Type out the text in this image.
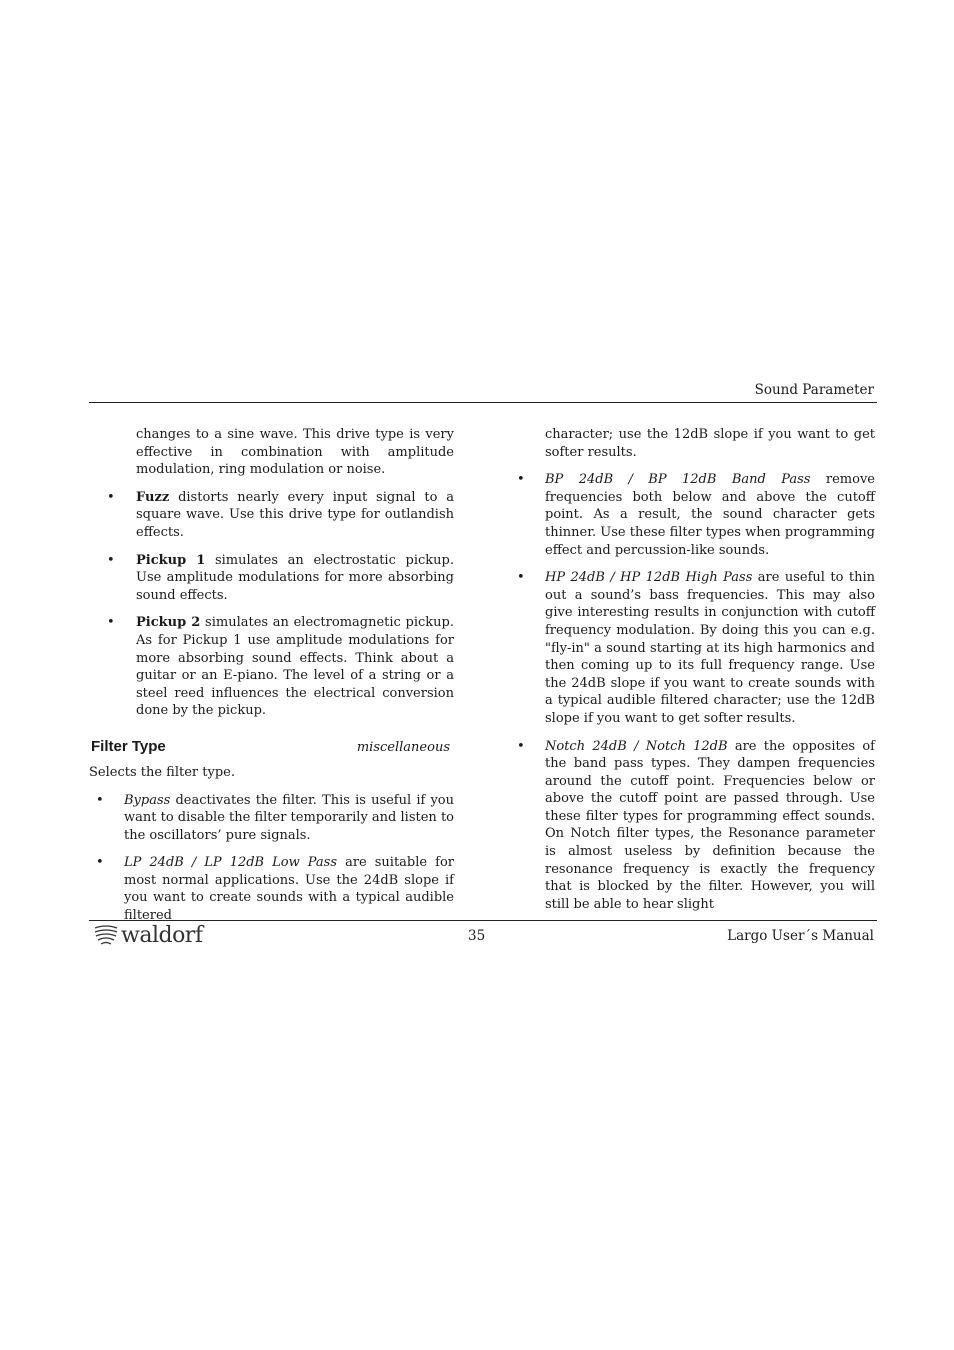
Sound Parameter

changes to a sine wave. This drive type is very effective in combination with amplitude modulation, ring modulation or noise.

• Fuzz distorts nearly every input signal to a square wave. Use this drive type for outlandish effects.
• Pickup 1 simulates an electrostatic pickup. Use amplitude modulations for more absorbing sound effects.
• Pickup 2 simulates an electromagnetic pickup. As for Pickup 1 use amplitude modulations for more absorbing sound effects. Think about a guitar or an E-piano. The level of a string or a steel reed influences the electrical conversion done by the pickup.
Filter Type	miscellaneous

Selects the filter type.

• Bypass deactivates the filter. This is useful if you want to disable the filter temporarily and listen to the oscillators’ pure signals.
• LP 24dB / LP 12dB Low Pass are suitable for most normal applications. Use the 24dB slope if you want to create sounds with a typical audible filtered

character; use the 12dB slope if you want to get softer results.

• BP 24dB / BP 12dB Band Pass remove frequencies both below and above the cutoff point. As a result, the sound character gets thinner. Use these filter types when programming effect and percussion-like sounds.
• HP 24dB / HP 12dB High Pass are useful to thin out a sound’s bass frequencies. This may also give interesting results in conjunction with cutoff frequency modulation. By doing this you can e.g. "fly-in" a sound starting at its high harmonics and then coming up to its full frequency range. Use the 24dB slope if you want to create sounds with a typical audible filtered character; use the 12dB slope if you want to get softer results.
• Notch 24dB / Notch 12dB are the opposites of the band pass types. They dampen frequencies around the cutoff point. Frequencies below or above the cutoff point are passed through. Use these filter types for programming effect sounds. On Notch filter types, the Resonance parameter is almost useless by definition because the resonance frequency is exactly the frequency that is blocked by the filter. However, you will still be able to hear slight
waldorf	35	Largo User´s Manual
